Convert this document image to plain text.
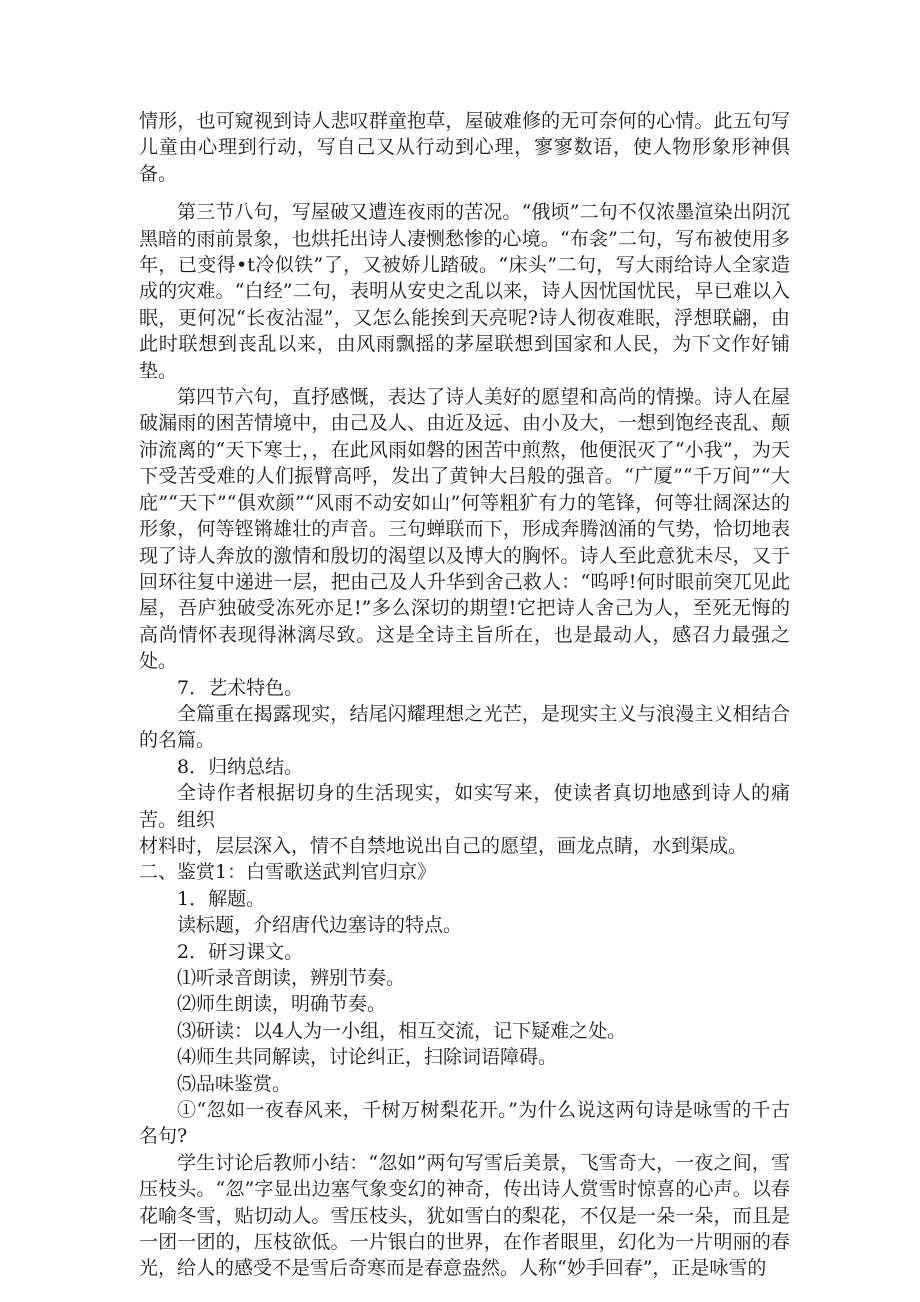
情形，也可窥视到诗人悲叹群童抱草，屋破难修的无可奈何的心情。此五句写儿童由心理到行动，写自己又从行动到心理，寥寥数语，使人物形象形神俱备。

第三节八句，写屋破又遭连夜雨的苦况。“俄顷”二句不仅浓墨渲染出阴沉黑暗的雨前景象，也烘托出诗人凄恻愁惨的心境。“布衾”二句，写布被使用多年，已变得•t冷似铁”了，又被娇儿踏破。“床头”二句，写大雨给诗人全家造成的灾难。“白经”二句，表明从安史之乱以来，诗人因忧国忧民，早已难以入眠，更何况“长夜沾湿”，又怎么能挨到天亮呢?诗人彻夜难眠，浮想联翩，由此时联想到丧乱以来，由风雨飘摇的茅屋联想到国家和人民，为下文作好铺垫。

第四节六句，直抒感慨，表达了诗人美好的愿望和高尚的情操。诗人在屋破漏雨的困苦情境中，由己及人、由近及远、由小及大，一想到饱经丧乱、颠沛流离的“天下寒士，，在此风雨如磐的困苦中煎熬，他便泯灭了“小我”，为天下受苦受难的人们振臂高呼，发出了黄钟大吕般的强音。“广厦”“千万间”“大庇”“天下”“俱欢颜”“风雨不动安如山”何等粗犷有力的笔锋，何等壮阔深达的形象，何等铿锵雄壮的声音。三句蝉联而下，形成奔腾汹涌的气势，恰切地表现了诗人奔放的激情和殷切的渴望以及博大的胸怀。诗人至此意犹未尽，又于回环往复中递进一层，把由己及人升华到舍己救人：“呜呼!何时眼前突兀见此屋，吾庐独破受冻死亦足!”多么深切的期望!它把诗人舍己为人，至死无悔的高尚情怀表现得淋漓尽致。这是全诗主旨所在，也是最动人，感召力最强之处。

7．艺术特色。

全篇重在揭露现实，结尾闪耀理想之光芒，是现实主义与浪漫主义相结合的名篇。

8．归纳总结。

全诗作者根据切身的生活现实，如实写来，使读者真切地感到诗人的痛苦。组织

材料时，层层深入，情不自禁地说出自己的愿望，画龙点睛，水到渠成。

二、鉴赏1：白雪歌送武判官归京》

1．解题。

读标题，介绍唐代边塞诗的特点。

2．研习课文。

⑴听录音朗读，辨别节奏。

⑵师生朗读，明确节奏。

⑶研读：以4人为一小组，相互交流，记下疑难之处。

⑷师生共同解读，讨论纠正，扫除词语障碍。

⑸品味鉴赏。

①“忽如一夜春风来，千树万树梨花开。”为什么说这两句诗是咏雪的千古名句?

学生讨论后教师小结：“忽如”两句写雪后美景，飞雪奇大，一夜之间，雪压枝头。“忽”字显出边塞气象变幻的神奇，传出诗人赏雪时惊喜的心声。以春花喻冬雪，贴切动人。雪压枝头，犹如雪白的梨花，不仅是一朵一朵，而且是一团一团的，压枝欲低。一片银白的世界，在作者眼里，幻化为一片明丽的春光，给人的感受不是雪后奇寒而是春意盎然。人称“妙手回春”，正是咏雪的
